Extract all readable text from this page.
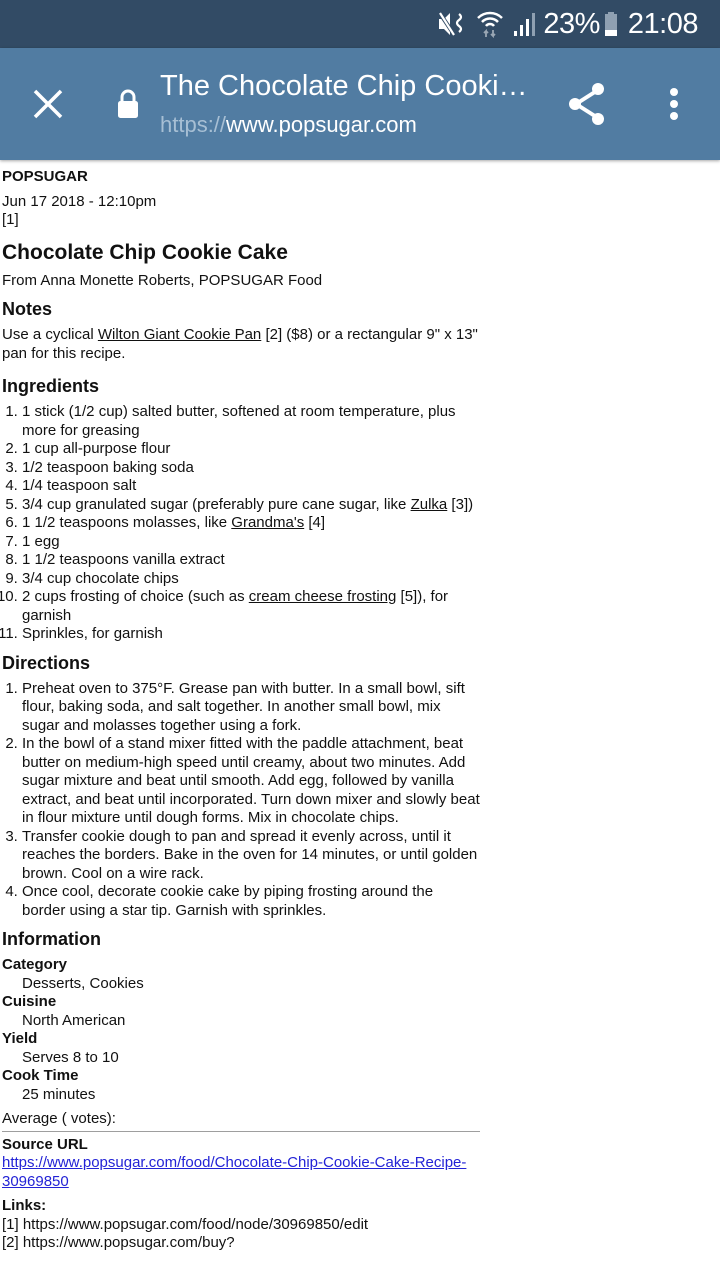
23% 21:08
The Chocolate Chip Cooki…
https://www.popsugar.com
POPSUGAR
Jun 17 2018 - 12:10pm
[1]
Chocolate Chip Cookie Cake
From Anna Monette Roberts, POPSUGAR Food
Notes
Use a cyclical Wilton Giant Cookie Pan [2] ($8) or a rectangular 9" x 13" pan for this recipe.
Ingredients
1. 1 stick (1/2 cup) salted butter, softened at room temperature, plus more for greasing
2. 1 cup all-purpose flour
3. 1/2 teaspoon baking soda
4. 1/4 teaspoon salt
5. 3/4 cup granulated sugar (preferably pure cane sugar, like Zulka [3])
6. 1 1/2 teaspoons molasses, like Grandma's [4]
7. 1 egg
8. 1 1/2 teaspoons vanilla extract
9. 3/4 cup chocolate chips
10. 2 cups frosting of choice (such as cream cheese frosting [5]), for garnish
11. Sprinkles, for garnish
Directions
1. Preheat oven to 375°F. Grease pan with butter. In a small bowl, sift flour, baking soda, and salt together. In another small bowl, mix sugar and molasses together using a fork.
2. In the bowl of a stand mixer fitted with the paddle attachment, beat butter on medium-high speed until creamy, about two minutes. Add sugar mixture and beat until smooth. Add egg, followed by vanilla extract, and beat until incorporated. Turn down mixer and slowly beat in flour mixture until dough forms. Mix in chocolate chips.
3. Transfer cookie dough to pan and spread it evenly across, until it reaches the borders. Bake in the oven for 14 minutes, or until golden brown. Cool on a wire rack.
4. Once cool, decorate cookie cake by piping frosting around the border using a star tip. Garnish with sprinkles.
Information
Category
Desserts, Cookies
Cuisine
North American
Yield
Serves 8 to 10
Cook Time
25 minutes
Average ( votes):
Source URL
https://www.popsugar.com/food/Chocolate-Chip-Cookie-Cake-Recipe-30969850
Links:
[1] https://www.popsugar.com/food/node/30969850/edit
[2] https://www.popsugar.com/buy?
